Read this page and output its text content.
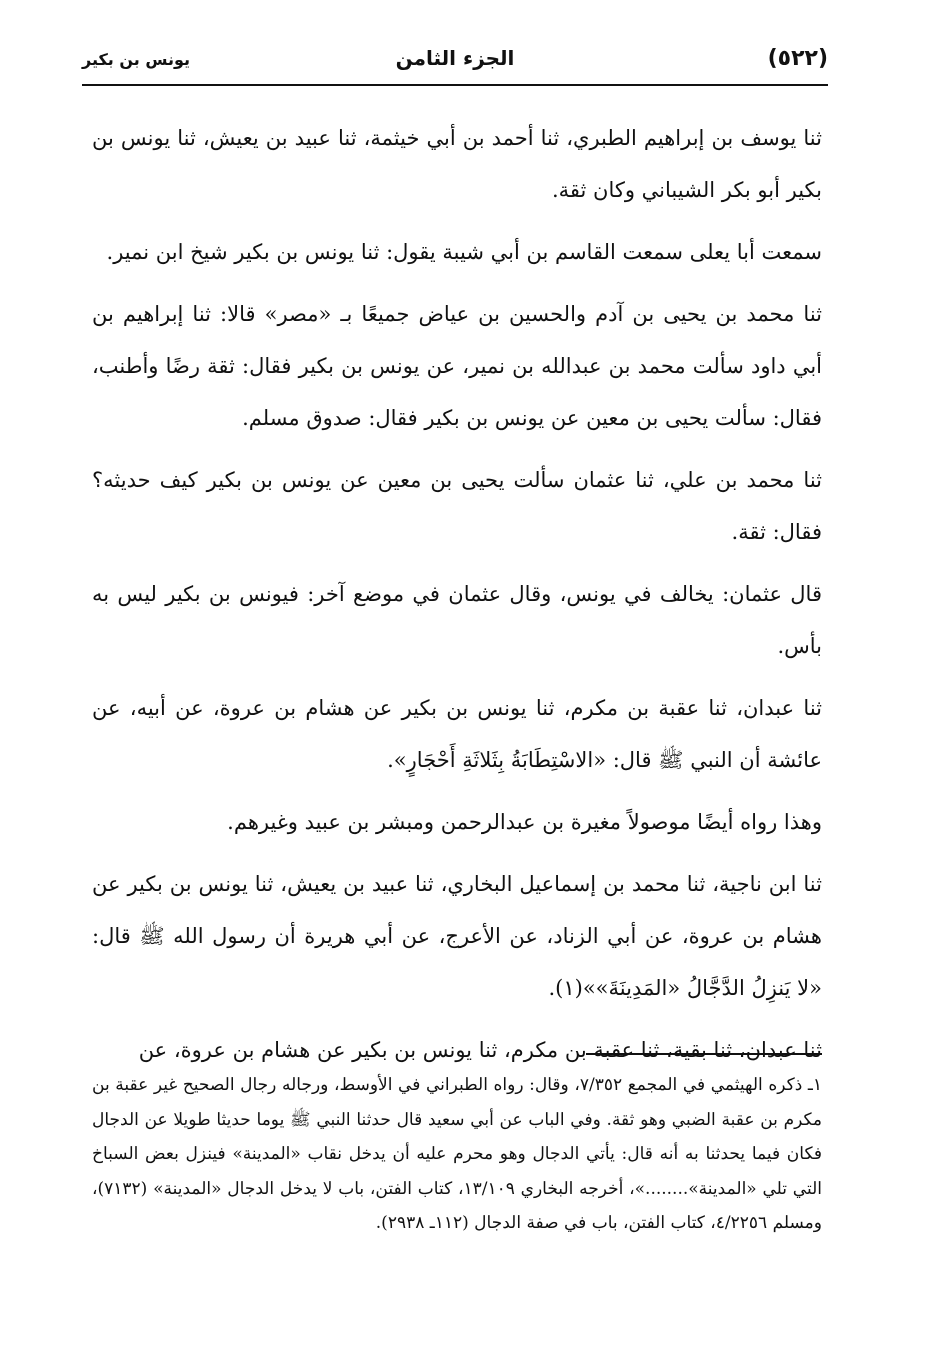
(٥٢٢)
الجزء الثامن
يونس بن بكير

ثنا يوسف بن إبراهيم الطبري، ثنا أحمد بن أبي خيثمة، ثنا عبيد بن يعيش، ثنا يونس بن بكير أبو بكر الشيباني وكان ثقة.

سمعت أبا يعلى سمعت القاسم بن أبي شيبة يقول: ثنا يونس بن بكير شيخ ابن نمير.

ثنا محمد بن يحيى بن آدم والحسين بن عياض جميعًا بـ «مصر» قالا: ثنا إبراهيم بن أبي داود سألت محمد بن عبدالله بن نمير، عن يونس بن بكير فقال: ثقة رضًا وأطنب، فقال: سألت يحيى بن معين عن يونس بن بكير فقال: صدوق مسلم.

ثنا محمد بن علي، ثنا عثمان سألت يحيى بن معين عن يونس بن بكير كيف حديثه؟ فقال: ثقة.

قال عثمان: يخالف في يونس، وقال عثمان في موضع آخر: فيونس بن بكير ليس به بأس.

ثنا عبدان، ثنا عقبة بن مكرم، ثنا يونس بن بكير عن هشام بن عروة، عن أبيه، عن عائشة أن النبي ﷺ قال: «الاسْتِطَابَةُ بِثَلاثَةِ أَحْجَارٍ».

وهذا رواه أيضًا موصولاً مغيرة بن عبدالرحمن ومبشر بن عبيد وغيرهم.

ثنا ابن ناجية، ثنا محمد بن إسماعيل البخاري، ثنا عبيد بن يعيش، ثنا يونس بن بكير عن هشام بن عروة، عن أبي الزناد، عن الأعرج، عن أبي هريرة أن رسول الله ﷺ قال: «لا يَنزِلُ الدَّجَّالُ «المَدِينَةَ»»(١).

ثنا عبدان، ثنا بقية، ثنا عقبة بن مكرم، ثنا يونس بن بكير عن هشام بن عروة، عن

١ـ ذكره الهيثمي في المجمع ٧/٣٥٢، وقال: رواه الطبراني في الأوسط، ورجاله رجال الصحيح غير عقبة بن مكرم بن عقبة الضبي وهو ثقة. وفي الباب عن أبي سعيد قال حدثنا النبي ﷺ يوما حديثا طويلا عن الدجال فكان فيما يحدثنا به أنه قال: يأتي الدجال وهو محرم عليه أن يدخل نقاب «المدينة» فينزل بعض السباخ التي تلي «المدينة»........»، أخرجه البخاري ١٣/١٠٩، كتاب الفتن، باب لا يدخل الدجال «المدينة» (٧١٣٢)، ومسلم ٤/٢٢٥٦، كتاب الفتن، باب في صفة الدجال (١١٢ـ ٢٩٣٨).
